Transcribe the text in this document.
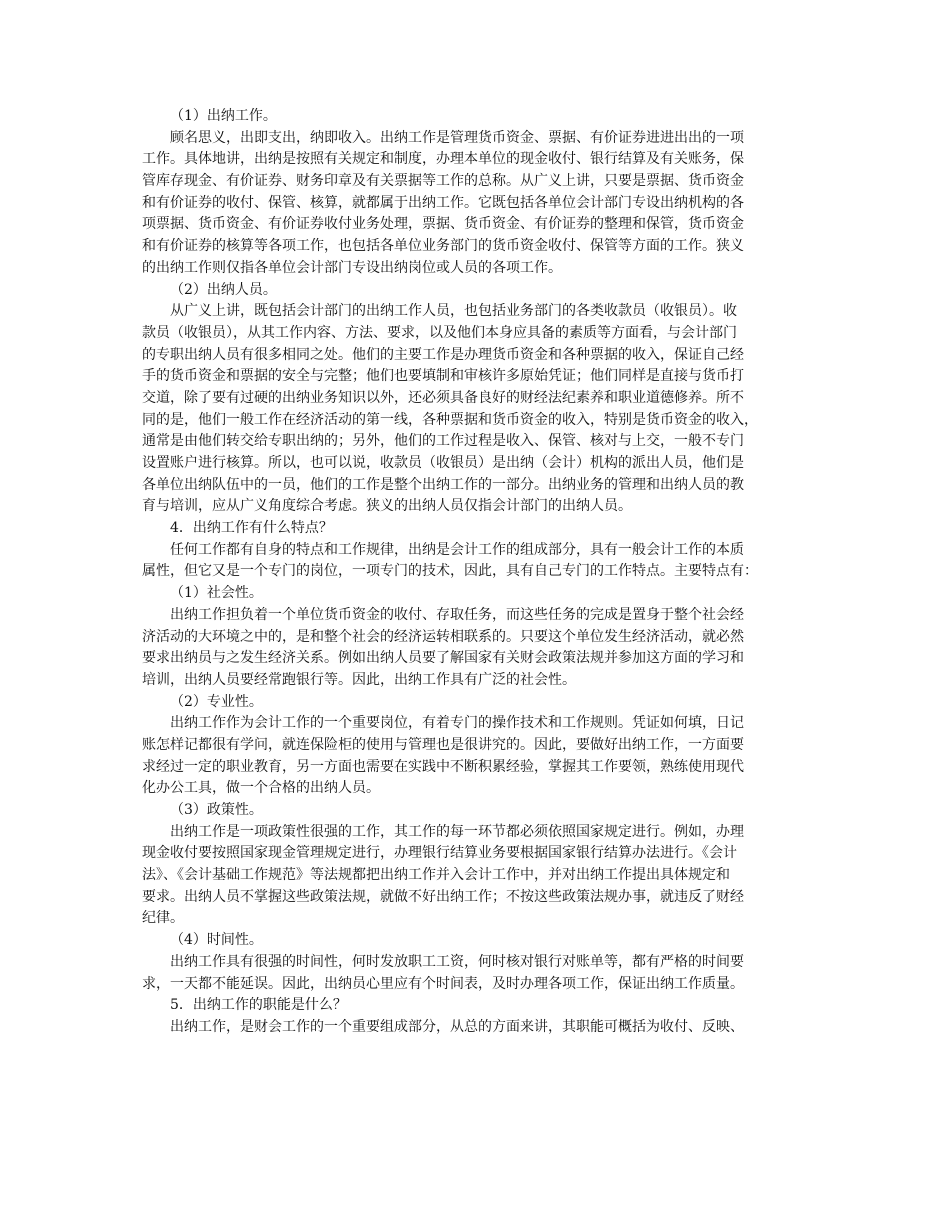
（1）出纳工作。
顾名思义，出即支出，纳即收入。出纳工作是管理货币资金、票据、有价证券进进出出的一项
工作。具体地讲，出纳是按照有关规定和制度，办理本单位的现金收付、银行结算及有关账务，保
管库存现金、有价证券、财务印章及有关票据等工作的总称。从广义上讲，只要是票据、货币资金
和有价证券的收付、保管、核算，就都属于出纳工作。它既包括各单位会计部门专设出纳机构的各
项票据、货币资金、有价证券收付业务处理，票据、货币资金、有价证券的整理和保管，货币资金
和有价证券的核算等各项工作，也包括各单位业务部门的货币资金收付、保管等方面的工作。狭义
的出纳工作则仅指各单位会计部门专设出纳岗位或人员的各项工作。
（2）出纳人员。
从广义上讲，既包括会计部门的出纳工作人员，也包括业务部门的各类收款员（收银员）。收
款员（收银员），从其工作内容、方法、要求，以及他们本身应具备的素质等方面看，与会计部门
的专职出纳人员有很多相同之处。他们的主要工作是办理货币资金和各种票据的收入，保证自己经
手的货币资金和票据的安全与完整；他们也要填制和审核许多原始凭证；他们同样是直接与货币打
交道，除了要有过硬的出纳业务知识以外，还必须具备良好的财经法纪素养和职业道德修养。所不
同的是，他们一般工作在经济活动的第一线，各种票据和货币资金的收入，特别是货币资金的收入，
通常是由他们转交给专职出纳的；另外，他们的工作过程是收入、保管、核对与上交，一般不专门
设置账户进行核算。所以，也可以说，收款员（收银员）是出纳（会计）机构的派出人员，他们是
各单位出纳队伍中的一员，他们的工作是整个出纳工作的一部分。出纳业务的管理和出纳人员的教
育与培训，应从广义角度综合考虑。狭义的出纳人员仅指会计部门的出纳人员。
4．出纳工作有什么特点？
任何工作都有自身的特点和工作规律，出纳是会计工作的组成部分，具有一般会计工作的本质
属性，但它又是一个专门的岗位，一项专门的技术，因此，具有自己专门的工作特点。主要特点有：
（1）社会性。
出纳工作担负着一个单位货币资金的收付、存取任务，而这些任务的完成是置身于整个社会经
济活动的大环境之中的，是和整个社会的经济运转相联系的。只要这个单位发生经济活动，就必然
要求出纳员与之发生经济关系。例如出纳人员要了解国家有关财会政策法规并参加这方面的学习和
培训，出纳人员要经常跑银行等。因此，出纳工作具有广泛的社会性。
（2）专业性。
出纳工作作为会计工作的一个重要岗位，有着专门的操作技术和工作规则。凭证如何填，日记
账怎样记都很有学问，就连保险柜的使用与管理也是很讲究的。因此，要做好出纳工作，一方面要
求经过一定的职业教育，另一方面也需要在实践中不断积累经验，掌握其工作要领，熟练使用现代
化办公工具，做一个合格的出纳人员。
（3）政策性。
出纳工作是一项政策性很强的工作，其工作的每一环节都必须依照国家规定进行。例如，办理
现金收付要按照国家现金管理规定进行，办理银行结算业务要根据国家银行结算办法进行。《会计
法》、《会计基础工作规范》等法规都把出纳工作并入会计工作中，并对出纳工作提出具体规定和
要求。出纳人员不掌握这些政策法规，就做不好出纳工作；不按这些政策法规办事，就违反了财经
纪律。
（4）时间性。
出纳工作具有很强的时间性，何时发放职工工资，何时核对银行对账单等，都有严格的时间要
求，一天都不能延误。因此，出纳员心里应有个时间表，及时办理各项工作，保证出纳工作质量。
5．出纳工作的职能是什么？
出纳工作，是财会工作的一个重要组成部分，从总的方面来讲，其职能可概括为收付、反映、
